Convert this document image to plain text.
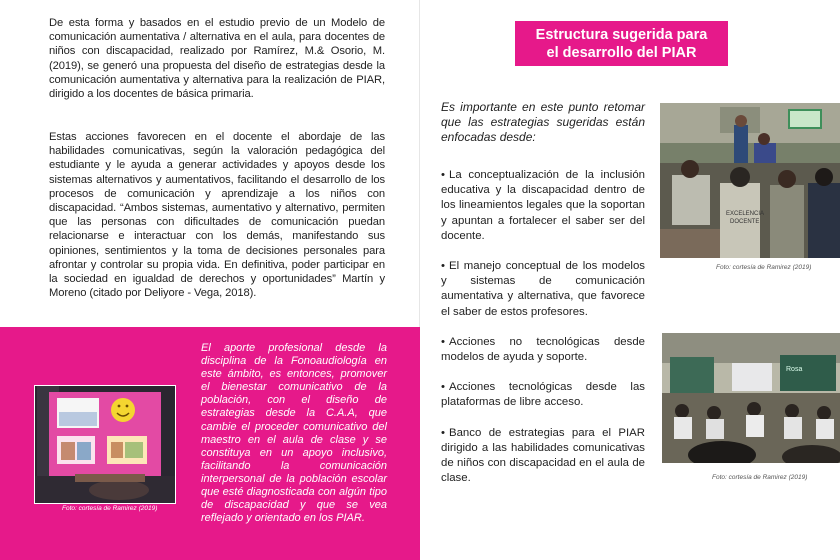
De esta forma y basados en el estudio previo de un Modelo de comunicación aumentativa / alternativa en el aula, para docentes de niños con discapacidad, realizado por Ramírez, M.& Osorio, M. (2019), se generó una propuesta del diseño de estrategias desde la comunicación aumentativa y alternativa para la realización de PIAR, dirigido a los docentes de básica primaria.
Estas acciones favorecen en el docente el abordaje de las habilidades comunicativas, según la valoración pedagógica del estudiante y le ayuda a generar actividades y apoyos desde los sistemas alternativos y aumentativos, facilitando el desarrollo de los procesos de comunicación y aprendizaje a los niños con discapacidad. “Ambos sistemas, aumentativo y alternativo, permiten que las personas con dificultades de comunicación puedan relacionarse e interactuar con los demás, manifestando sus opiniones, sentimientos y la toma de decisiones personales para afrontar y controlar su propia vida. En definitiva, poder participar en la sociedad en igualdad de derechos y oportunidades” Martín y Moreno (citado por Deliyore - Vega, 2018).
Foto: cortesía de Ramirez (2019)
El aporte profesional desde la disciplina de la Fonoaudiología en este ámbito, es entonces, promover el bienestar comunicativo de la población, con el diseño de estrategias desde la C.A.A, que cambie el proceder comunicativo del maestro en el aula de clase y se constituya en un apoyo inclusivo, facilitando la comunicación interpersonal de la población escolar que esté diagnosticada con algún tipo de discapacidad y que se vea reflejado y orientado en los PIAR.
Estructura sugerida para
el desarrollo del PIAR
Es importante en este punto retomar que las estrategias sugeridas están enfocadas desde:
• La conceptualización de la inclusión educativa y la discapacidad dentro de los lineamientos legales que la soportan y apuntan a fortalecer el saber ser del docente.
• El manejo conceptual de los modelos y sistemas de comunicación aumentativa y alternativa, que favorece el saber de estos profesores.
• Acciones no tecnológicas desde modelos de ayuda y soporte.
• Acciones tecnológicas desde las plataformas de libre acceso.
• Banco de estrategias para el PIAR dirigido a las habilidades comunicativas de niños con discapacidad en el aula de clase.
EXCELENCIA
DOCENTE
Foto: cortesía de Ramirez (2019)
Rosa
Foto: cortesía de Ramirez (2019)
